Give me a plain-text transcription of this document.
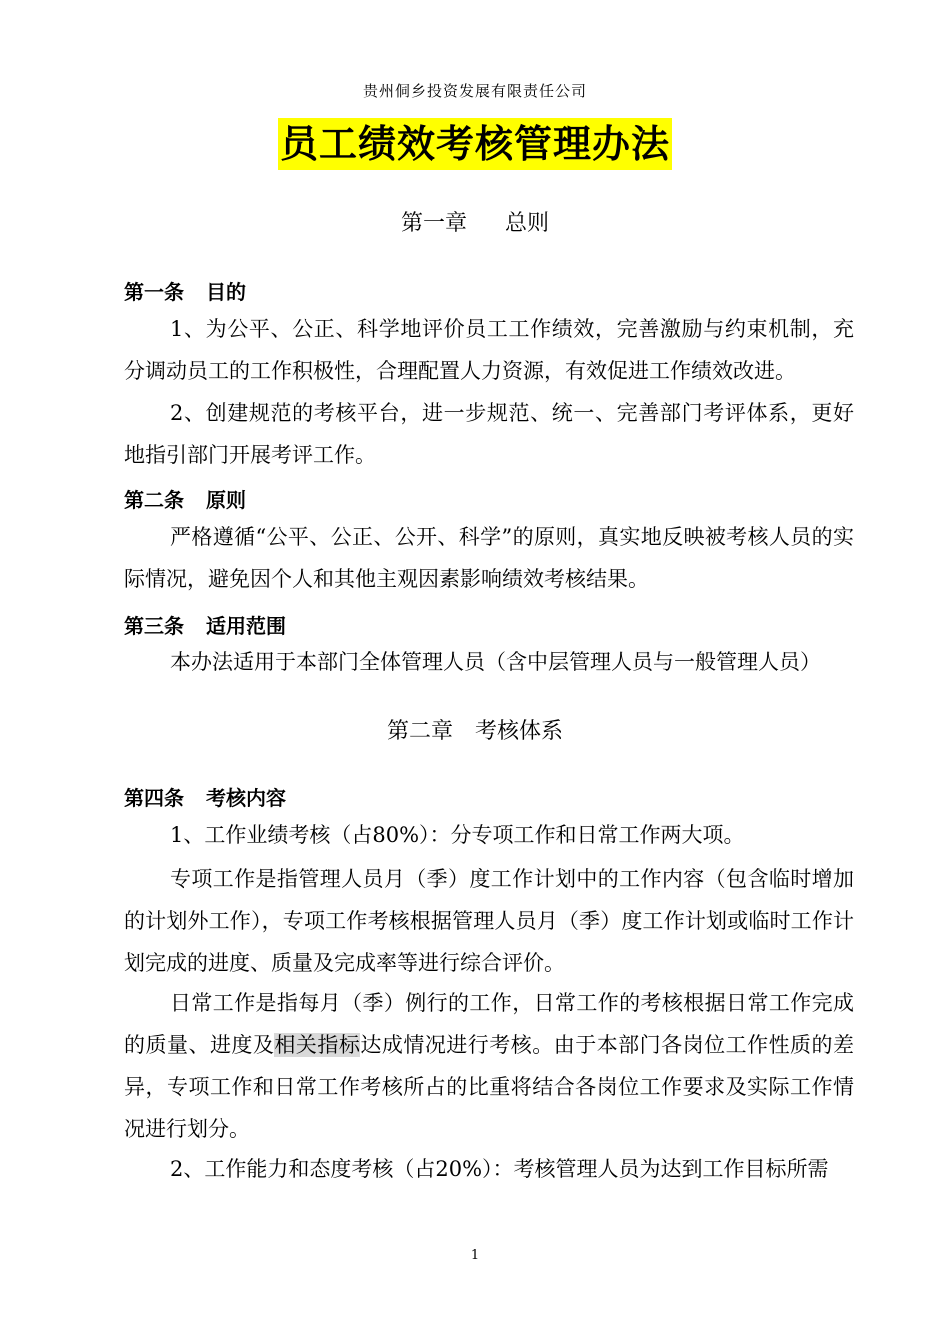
贵州侗乡投资发展有限责任公司
员工绩效考核管理办法
第一章 总则
第一条 目的
1、为公平、公正、科学地评价员工工作绩效，完善激励与约束机制，充分调动员工的工作积极性，合理配置人力资源，有效促进工作绩效改进。
2、创建规范的考核平台，进一步规范、统一、完善部门考评体系，更好地指引部门开展考评工作。
第二条 原则
严格遵循“公平、公正、公开、科学”的原则，真实地反映被考核人员的实际情况，避免因个人和其他主观因素影响绩效考核结果。
第三条 适用范围
本办法适用于本部门全体管理人员（含中层管理人员与一般管理人员）
第二章 考核体系
第四条 考核内容
1、工作业绩考核（占80%）：分专项工作和日常工作两大项。
专项工作是指管理人员月（季）度工作计划中的工作内容（包含临时增加的计划外工作），专项工作考核根据管理人员月（季）度工作计划或临时工作计划完成的进度、质量及完成率等进行综合评价。
日常工作是指每月（季）例行的工作，日常工作的考核根据日常工作完成的质量、进度及相关指标达成情况进行考核。由于本部门各岗位工作性质的差异，专项工作和日常工作考核所占的比重将结合各岗位工作要求及实际工作情况进行划分。
2、工作能力和态度考核（占20%）：考核管理人员为达到工作目标所需
1
